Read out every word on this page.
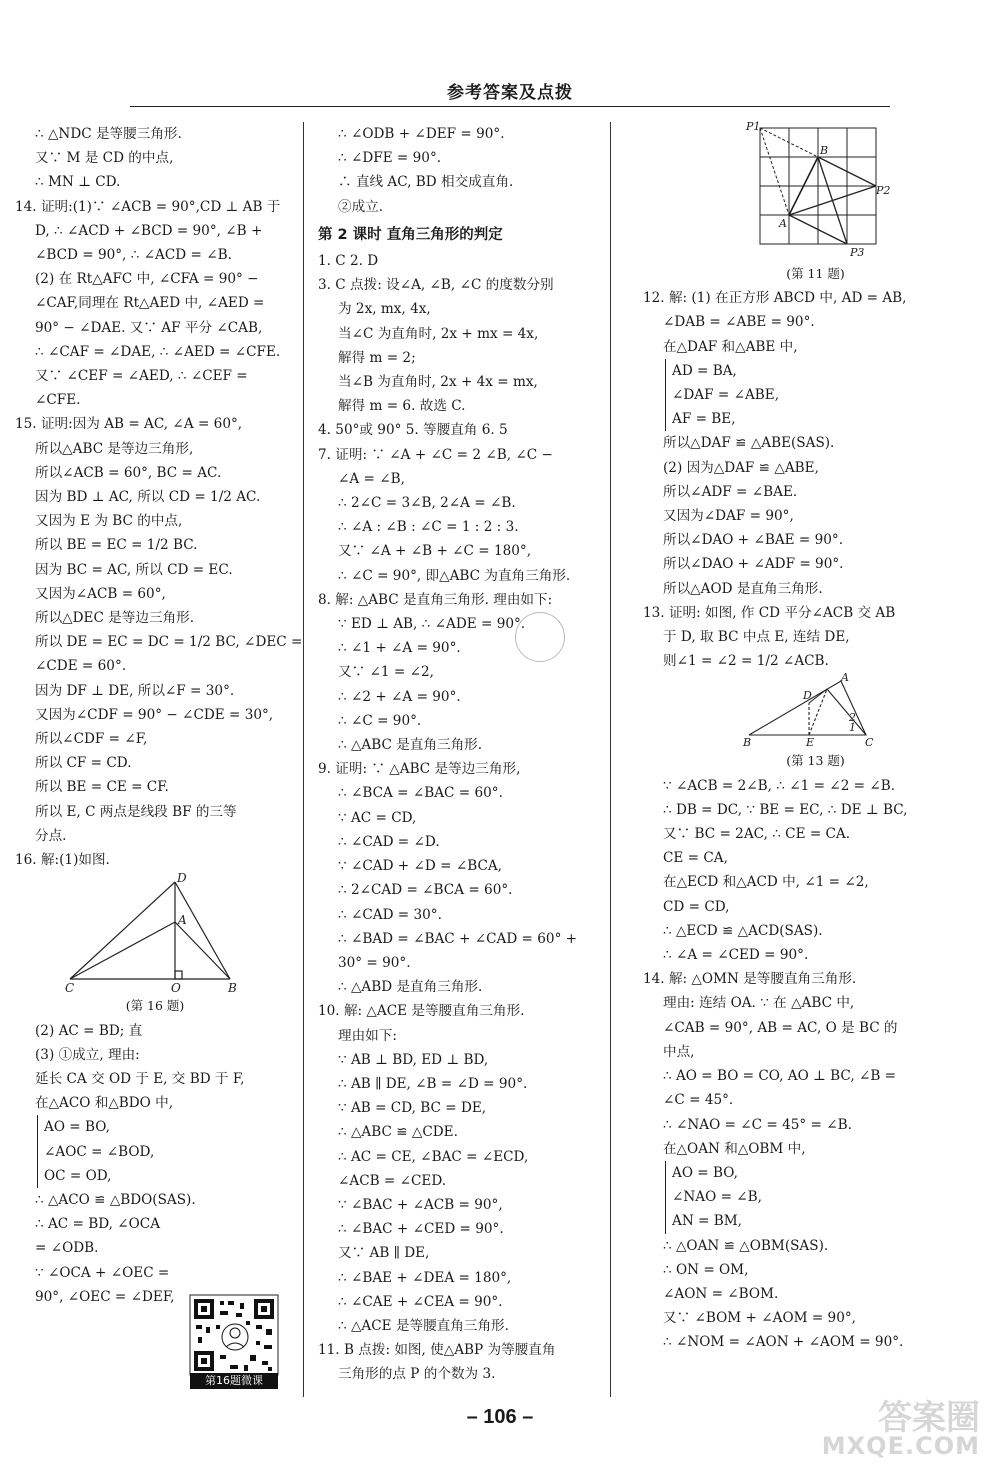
参考答案及点拨
∴ △NDC 是等腰三角形.
又∵ M 是 CD 的中点,
∴ MN ⊥ CD.
14. 证明:(1)∵ ∠ACB = 90°,CD ⊥ AB 于
D, ∴ ∠ACD + ∠BCD = 90°, ∠B +
∠BCD = 90°, ∴ ∠ACD = ∠B.
(2) 在 Rt△AFC 中, ∠CFA = 90° −
∠CAF,同理在 Rt△AED 中, ∠AED =
90° − ∠DAE. 又∵ AF 平分 ∠CAB,
∴ ∠CAF = ∠DAE, ∴ ∠AED = ∠CFE.
又∵ ∠CEF = ∠AED, ∴ ∠CEF =
∠CFE.
15. 证明:因为 AB = AC, ∠A = 60°,
所以△ABC 是等边三角形,
所以∠ACB = 60°, BC = AC.
因为 BD ⊥ AC, 所以 CD = 1/2 AC.
又因为 E 为 BC 的中点,
所以 BE = EC = 1/2 BC.
因为 BC = AC, 所以 CD = EC.
又因为∠ACB = 60°,
所以△DEC 是等边三角形.
所以 DE = EC = DC = 1/2 BC, ∠DEC =
∠CDE = 60°.
因为 DF ⊥ DE, 所以∠F = 30°.
又因为∠CDF = 90° − ∠CDE = 30°,
所以∠CDF = ∠F,
所以 CF = CD.
所以 BE = CE = CF.
所以 E, C 两点是线段 BF 的三等
分点.
16. 解:(1)如图.
D
A
C	O	B
(第 16 题)
(2) AC = BD; 直
(3) ①成立, 理由:
延长 CA 交 OD 于 E, 交 BD 于 F,
在△ACO 和△BDO 中,
AO = BO,
∠AOC = ∠BOD,
OC = OD,
∴ △ACO ≌ △BDO(SAS).
∴ AC = BD, ∠OCA
= ∠ODB.
∵ ∠OCA + ∠OEC =
90°, ∠OEC = ∠DEF,

第16题微课
∴ ∠ODB + ∠DEF = 90°.
∴ ∠DFE = 90°.
∴ 直线 AC, BD 相交成直角.
②成立.
第 2 课时 直角三角形的判定
1. C 2. D
3. C 点拨: 设∠A, ∠B, ∠C 的度数分别
为 2x, mx, 4x,
当∠C 为直角时, 2x + mx = 4x,
解得 m = 2;
当∠B 为直角时, 2x + 4x = mx,
解得 m = 6. 故选 C.
4. 50°或 90° 5. 等腰直角 6. 5
7. 证明: ∵ ∠A + ∠C = 2 ∠B, ∠C −
∠A = ∠B,
∴ 2∠C = 3∠B, 2∠A = ∠B.
∴ ∠A : ∠B : ∠C = 1 : 2 : 3.
又∵ ∠A + ∠B + ∠C = 180°,
∴ ∠C = 90°, 即△ABC 为直角三角形.
8. 解: △ABC 是直角三角形. 理由如下:
∵ ED ⊥ AB, ∴ ∠ADE = 90°.
∴ ∠1 + ∠A = 90°.
又∵ ∠1 = ∠2,
∴ ∠2 + ∠A = 90°.
∴ ∠C = 90°.
∴ △ABC 是直角三角形.
9. 证明: ∵ △ABC 是等边三角形,
∴ ∠BCA = ∠BAC = 60°.
∵ AC = CD,
∴ ∠CAD = ∠D.
∵ ∠CAD + ∠D = ∠BCA,
∴ 2∠CAD = ∠BCA = 60°.
∴ ∠CAD = 30°.
∴ ∠BAD = ∠BAC + ∠CAD = 60° +
30° = 90°.
∴ △ABD 是直角三角形.
10. 解: △ACE 是等腰直角三角形.
理由如下:
∵ AB ⊥ BD, ED ⊥ BD,
∴ AB ∥ DE, ∠B = ∠D = 90°.
∵ AB = CD, BC = DE,
∴ △ABC ≌ △CDE.
∴ AC = CE, ∠BAC = ∠ECD,
∠ACB = ∠CED.
∵ ∠BAC + ∠ACB = 90°,
∴ ∠BAC + ∠CED = 90°.
又∵ AB ∥ DE,
∴ ∠BAE + ∠DEA = 180°,
∴ ∠CAE + ∠CEA = 90°.
∴ △ACE 是等腰直角三角形.
11. B 点拨: 如图, 使△ABP 为等腰直角
三角形的点 P 的个数为 3.
P1
B
P2
A
P3
(第 11 题)
12. 解: (1) 在正方形 ABCD 中, AD = AB,
∠DAB = ∠ABE = 90°.
在△DAF 和△ABE 中,
AD = BA,
∠DAF = ∠ABE,
AF = BE,
所以△DAF ≌ △ABE(SAS).
(2) 因为△DAF ≌ △ABE,
所以∠ADF = ∠BAE.
又因为∠DAF = 90°,
所以∠DAO + ∠BAE = 90°.
所以∠DAO + ∠ADF = 90°.
所以△AOD 是直角三角形.
13. 证明: 如图, 作 CD 平分∠ACB 交 AB
于 D, 取 BC 中点 E, 连结 DE,
则∠1 = ∠2 = 1/2 ∠ACB.
A
D
2
1
B	E	C
(第 13 题)
∵ ∠ACB = 2∠B, ∴ ∠1 = ∠2 = ∠B.
∴ DB = DC, ∵ BE = EC, ∴ DE ⊥ BC,
又∵ BC = 2AC, ∴ CE = CA.
CE = CA,
在△ECD 和△ACD 中, ∠1 = ∠2,
CD = CD,
∴ △ECD ≌ △ACD(SAS).
∴ ∠A = ∠CED = 90°.
14. 解: △OMN 是等腰直角三角形.
理由: 连结 OA. ∵ 在 △ABC 中,
∠CAB = 90°, AB = AC, O 是 BC 的
中点,
∴ AO = BO = CO, AO ⊥ BC, ∠B =
∠C = 45°.
∴ ∠NAO = ∠C = 45° = ∠B.
在△OAN 和△OBM 中,
AO = BO,
∠NAO = ∠B,
AN = BM,
∴ △OAN ≌ △OBM(SAS).
∴ ON = OM,
∠AON = ∠BOM.
又∵ ∠BOM + ∠AOM = 90°,
∴ ∠NOM = ∠AON + ∠AOM = 90°.
– 106 –	答案圈
MXQE.COM
